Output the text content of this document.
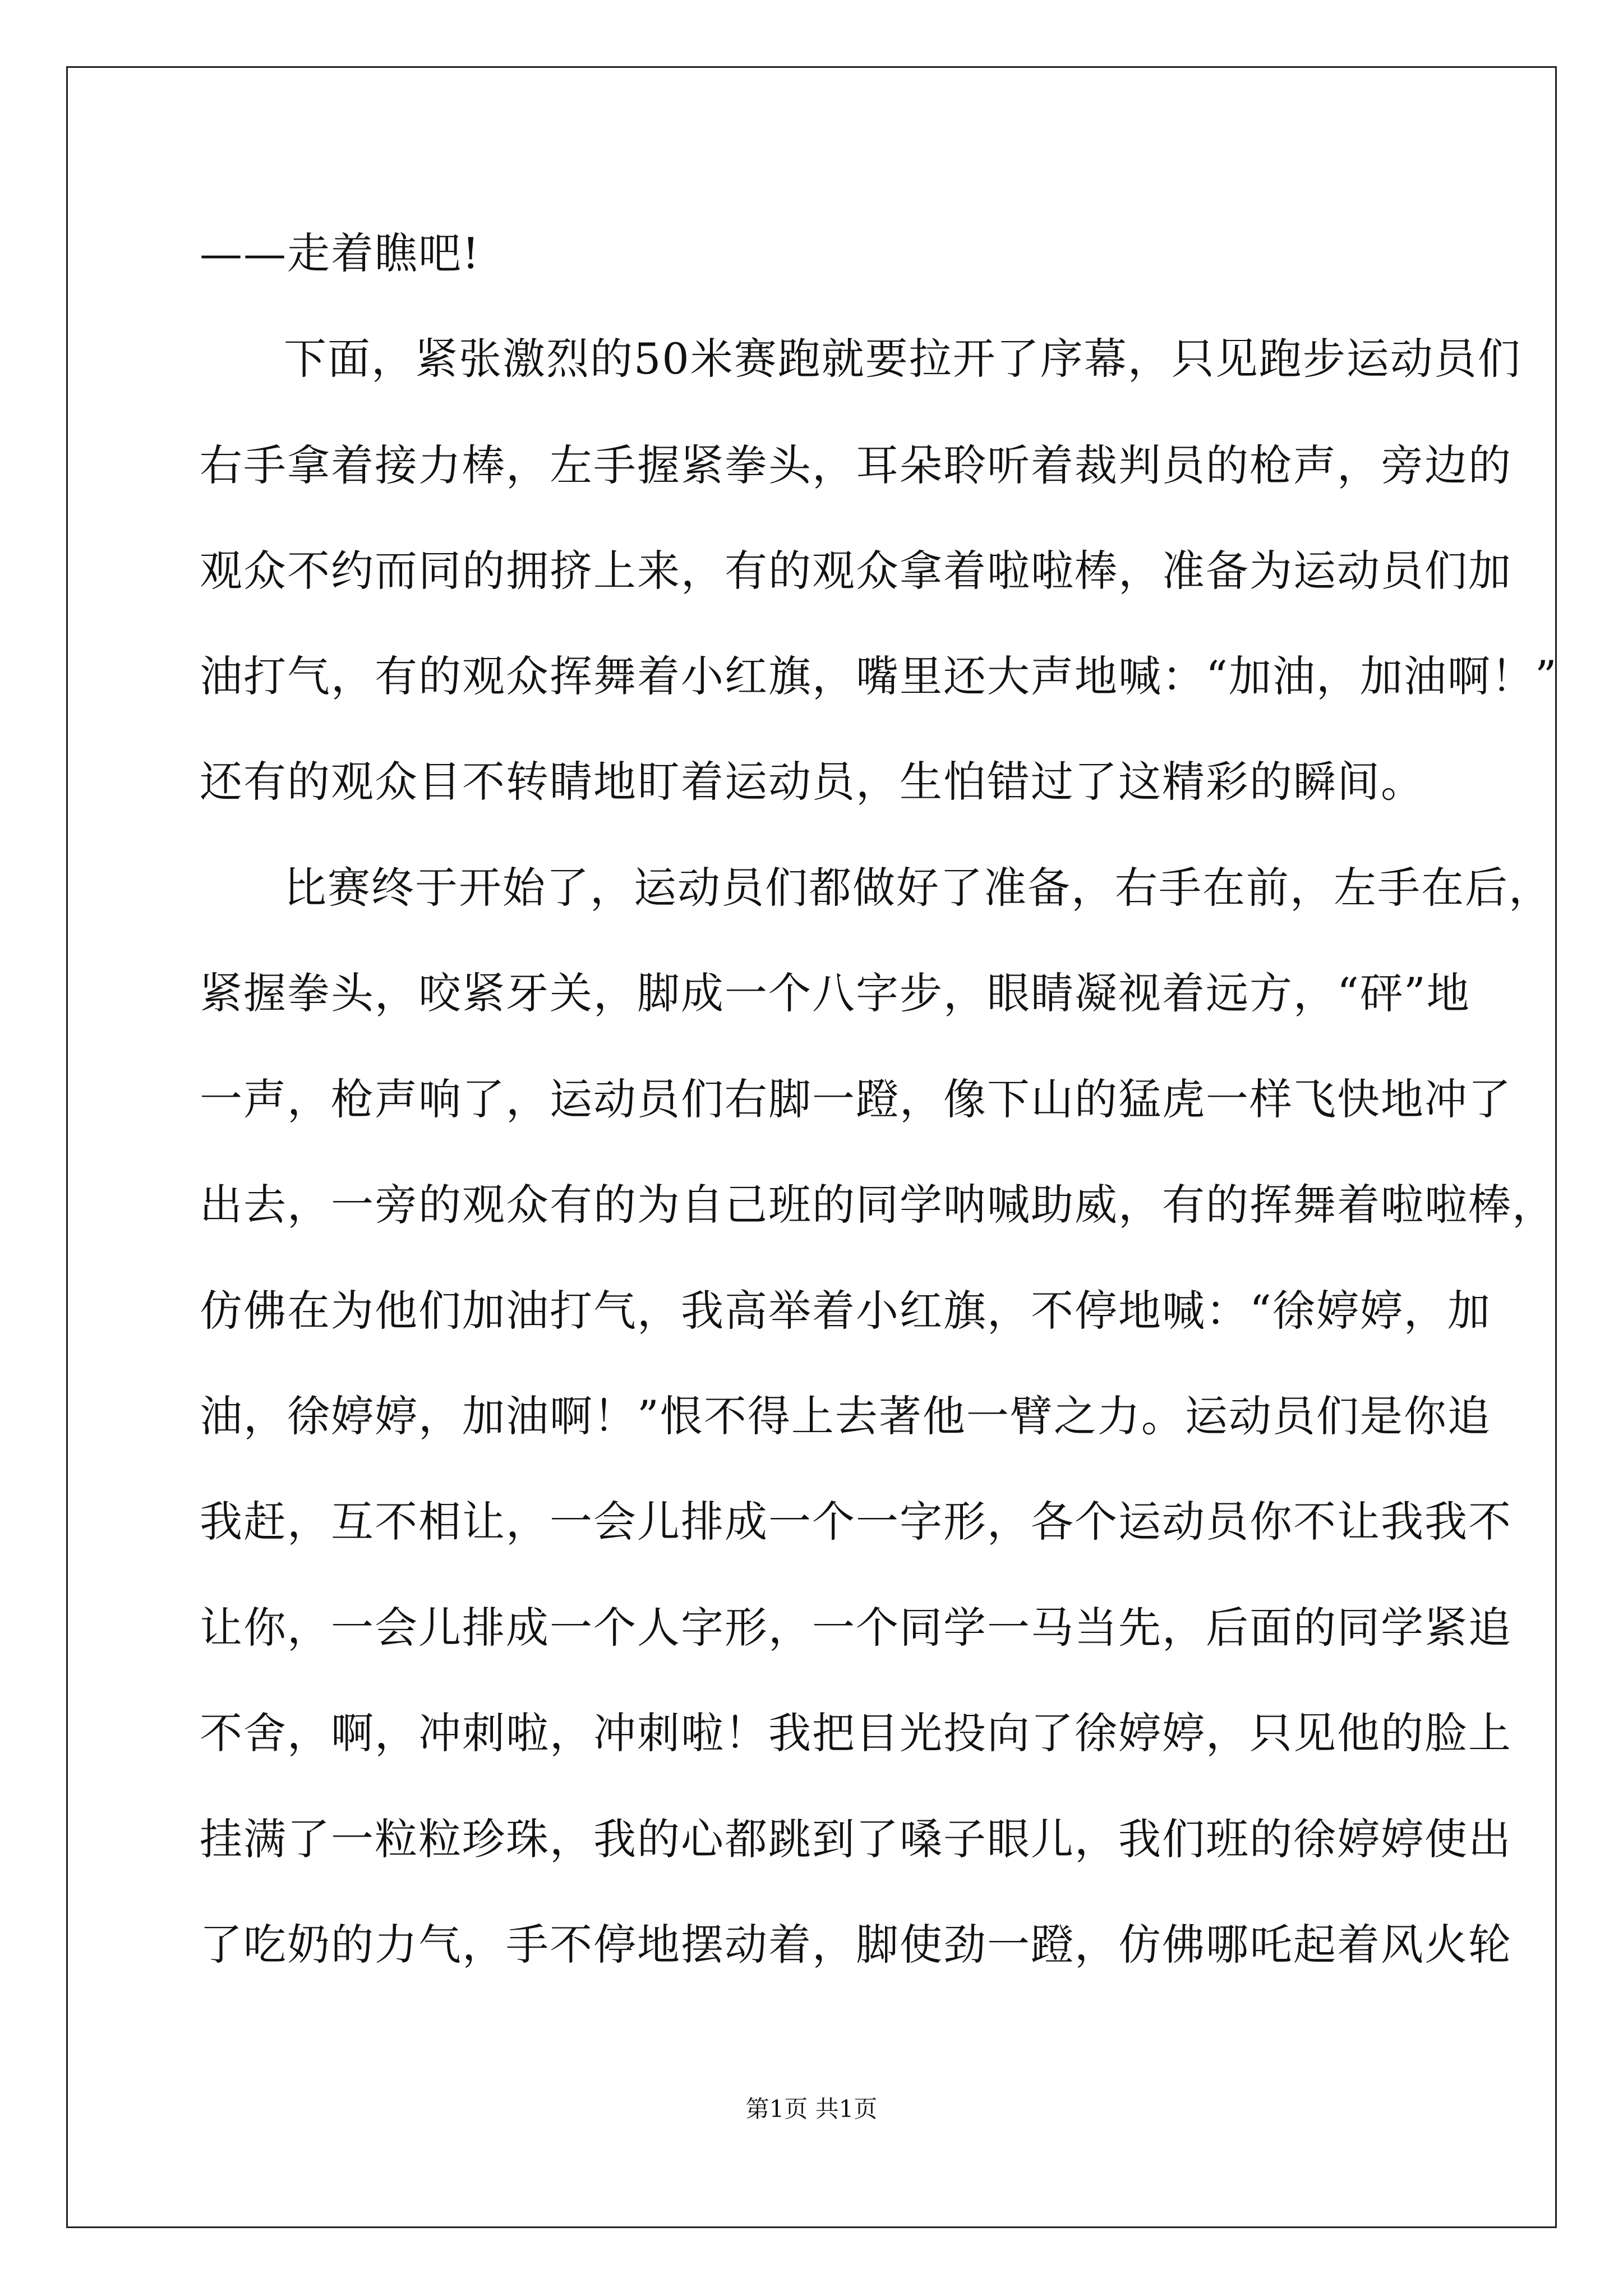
——走着瞧吧!
下面，紧张激烈的50米赛跑就要拉开了序幕，只见跑步运动员们
右手拿着接力棒，左手握紧拳头，耳朵聆听着裁判员的枪声，旁边的
观众不约而同的拥挤上来，有的观众拿着啦啦棒，准备为运动员们加
油打气，有的观众挥舞着小红旗，嘴里还大声地喊：“加油，加油啊！”
还有的观众目不转睛地盯着运动员，生怕错过了这精彩的瞬间。
比赛终于开始了，运动员们都做好了准备，右手在前，左手在后，
紧握拳头，咬紧牙关，脚成一个八字步，眼睛凝视着远方，“砰”地
一声，枪声响了，运动员们右脚一蹬，像下山的猛虎一样飞快地冲了
出去，一旁的观众有的为自己班的同学呐喊助威，有的挥舞着啦啦棒，
仿佛在为他们加油打气，我高举着小红旗，不停地喊：“徐婷婷，加
油，徐婷婷，加油啊！”恨不得上去著他一臂之力。运动员们是你追
我赶，互不相让，一会儿排成一个一字形，各个运动员你不让我我不
让你，一会儿排成一个人字形，一个同学一马当先，后面的同学紧追
不舍，啊，冲刺啦，冲刺啦！我把目光投向了徐婷婷，只见他的脸上
挂满了一粒粒珍珠，我的心都跳到了嗓子眼儿，我们班的徐婷婷使出
了吃奶的力气，手不停地摆动着，脚使劲一蹬，仿佛哪吒起着风火轮
第1页 共1页
